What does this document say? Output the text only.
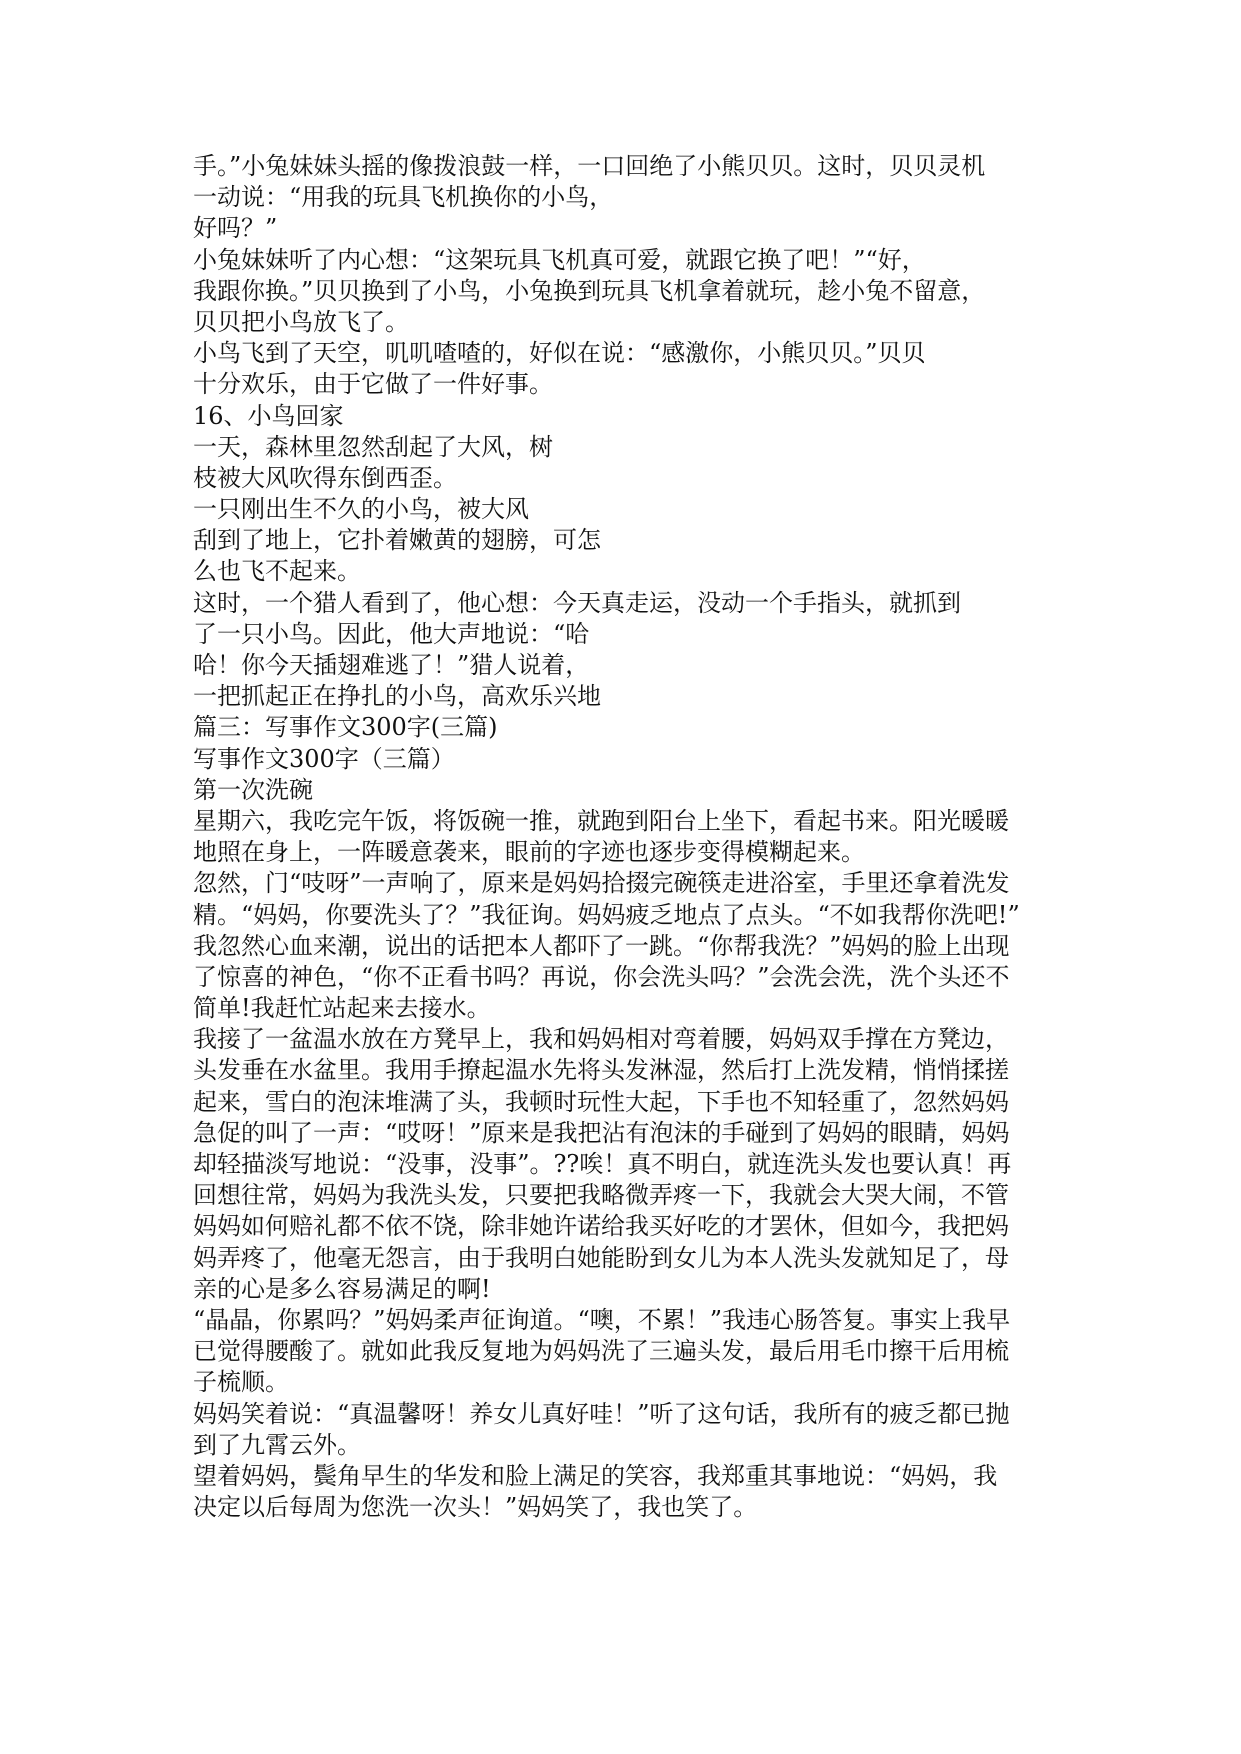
手。”小兔妹妹头摇的像拨浪鼓一样，一口回绝了小熊贝贝。这时，贝贝灵机

一动说：“用我的玩具飞机换你的小鸟，

好吗？”

小兔妹妹听了内心想：“这架玩具飞机真可爱，就跟它换了吧！”“好，

我跟你换。”贝贝换到了小鸟，小兔换到玩具飞机拿着就玩，趁小兔不留意，

贝贝把小鸟放飞了。

小鸟飞到了天空，叽叽喳喳的，好似在说：“感激你，小熊贝贝。”贝贝

十分欢乐，由于它做了一件好事。

16、小鸟回家

一天，森林里忽然刮起了大风，树

枝被大风吹得东倒西歪。

一只刚出生不久的小鸟，被大风

刮到了地上，它扑着嫩黄的翅膀，可怎

么也飞不起来。

这时，一个猎人看到了，他心想：今天真走运，没动一个手指头，就抓到

了一只小鸟。因此，他大声地说：“哈

哈！你今天插翅难逃了！”猎人说着，

一把抓起正在挣扎的小鸟，高欢乐兴地

篇三：写事作文300字(三篇)

写事作文300字（三篇）

第一次洗碗

星期六，我吃完午饭，将饭碗一推，就跑到阳台上坐下，看起书来。阳光暖暖

地照在身上，一阵暖意袭来，眼前的字迹也逐步变得模糊起来。

忽然，门“吱呀”一声响了，原来是妈妈拾掇完碗筷走进浴室，手里还拿着洗发

精。“妈妈，你要洗头了？”我征询。妈妈疲乏地点了点头。“不如我帮你洗吧!”

我忽然心血来潮，说出的话把本人都吓了一跳。“你帮我洗？”妈妈的脸上出现

了惊喜的神色，“你不正看书吗？再说，你会洗头吗？”会洗会洗，洗个头还不

简单!我赶忙站起来去接水。

我接了一盆温水放在方凳早上，我和妈妈相对弯着腰，妈妈双手撑在方凳边，

头发垂在水盆里。我用手撩起温水先将头发淋湿，然后打上洗发精，悄悄揉搓

起来，雪白的泡沫堆满了头，我顿时玩性大起，下手也不知轻重了，忽然妈妈

急促的叫了一声：“哎呀！”原来是我把沾有泡沫的手碰到了妈妈的眼睛，妈妈

却轻描淡写地说：“没事，没事”。??唉！真不明白，就连洗头发也要认真！再

回想往常，妈妈为我洗头发，只要把我略微弄疼一下，我就会大哭大闹，不管

妈妈如何赔礼都不依不饶，除非她许诺给我买好吃的才罢休，但如今，我把妈

妈弄疼了，他毫无怨言，由于我明白她能盼到女儿为本人洗头发就知足了，母

亲的心是多么容易满足的啊!

“晶晶，你累吗？”妈妈柔声征询道。“噢，不累！”我违心肠答复。事实上我早

已觉得腰酸了。就如此我反复地为妈妈洗了三遍头发，最后用毛巾擦干后用梳

子梳顺。

妈妈笑着说：“真温馨呀！养女儿真好哇！”听了这句话，我所有的疲乏都已抛

到了九霄云外。

望着妈妈，鬓角早生的华发和脸上满足的笑容，我郑重其事地说：“妈妈，我

决定以后每周为您洗一次头！”妈妈笑了，我也笑了。
